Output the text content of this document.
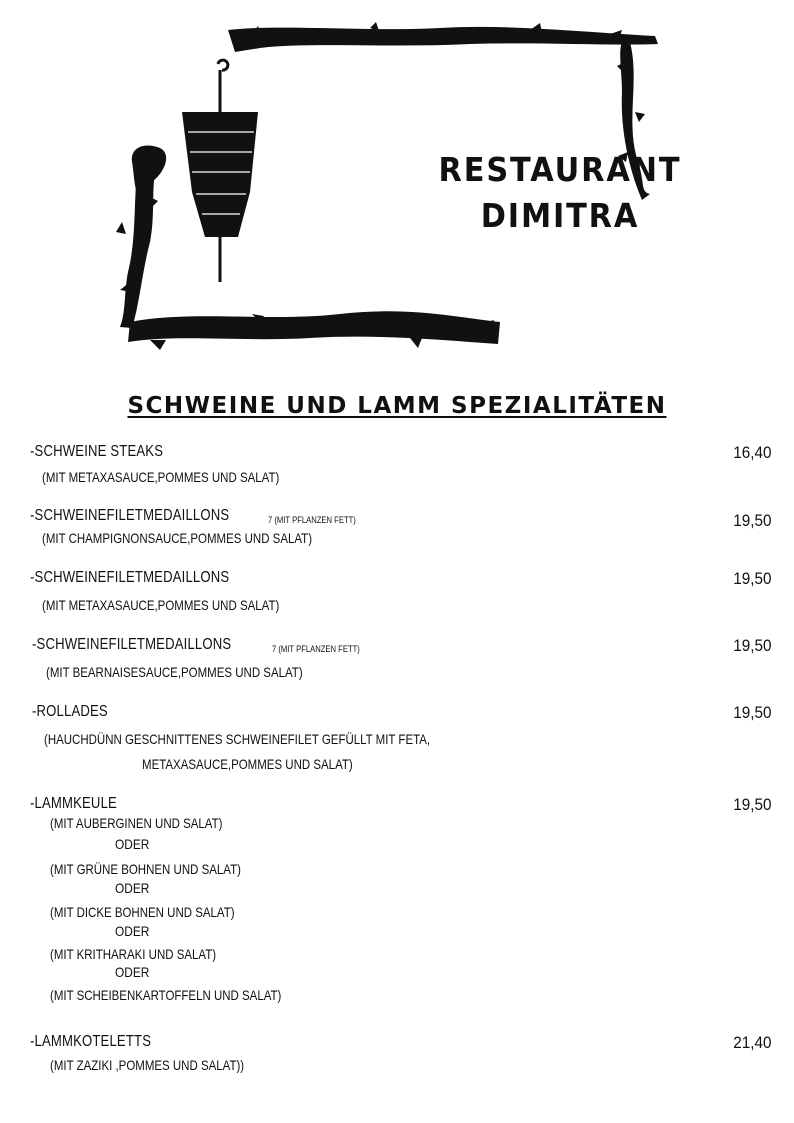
RESTAURANT
DIMITRA
SCHWEINE UND LAMM SPEZIALITÄTEN
-SCHWEINE STEAKS	16,40
(MIT METAXASAUCE,POMMES UND SALAT)
-SCHWEINEFILETMEDAILLONS	7 (MIT PFLANZEN FETT)	19,50
(MIT CHAMPIGNONSAUCE,POMMES UND SALAT)
-SCHWEINEFILETMEDAILLONS	19,50
(MIT METAXASAUCE,POMMES UND SALAT)
-SCHWEINEFILETMEDAILLONS	7 (MIT PFLANZEN FETT)	19,50
(MIT BEARNAISESAUCE,POMMES UND SALAT)
-ROLLADES	19,50
(HAUCHDÜNN GESCHNITTENES SCHWEINEFILET GEFÜLLT MIT FETA,
METAXASAUCE,POMMES UND SALAT)
-LAMMKEULE	19,50
(MIT AUBERGINEN UND SALAT)
ODER
(MIT GRÜNE BOHNEN UND SALAT)
ODER
(MIT DICKE BOHNEN UND SALAT)
ODER
(MIT KRITHARAKI UND SALAT)
ODER
(MIT SCHEIBENKARTOFFELN UND SALAT)
-LAMMKOTELETTS	21,40
(MIT ZAZIKI ,POMMES UND SALAT))
